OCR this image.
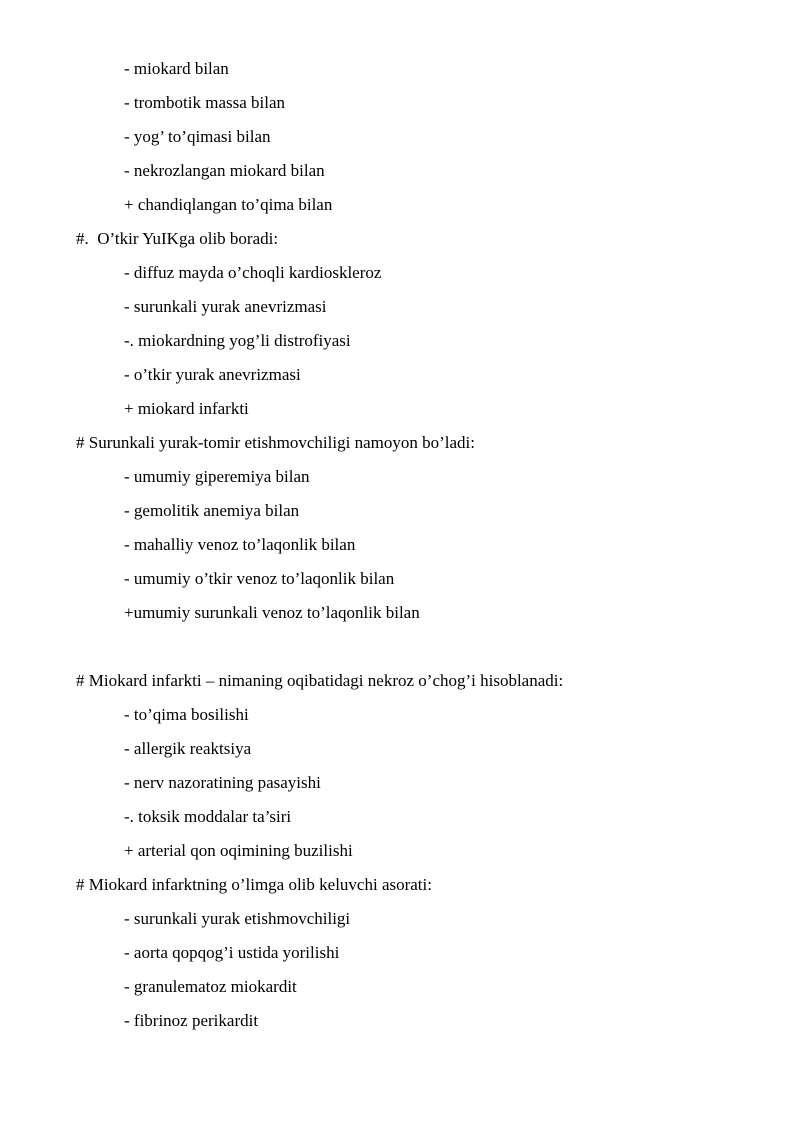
- miokard bilan
- trombotik massa bilan
- yog’ to’qimasi bilan
- nekrozlangan miokard bilan
+ chandiqlangan to’qima bilan
#.  O’tkir YuIKga olib boradi:
- diffuz mayda o’choqli kardioskleroz
- surunkali yurak anevrizmasi
-. miokardning yog’li distrofiyasi
- o’tkir yurak anevrizmasi
+ miokard infarkti
# Surunkali yurak-tomir etishmovchiligi namoyon bo’ladi:
- umumiy giperemiya bilan
- gemolitik anemiya bilan
- mahalliy venoz to’laqonlik bilan
- umumiy o’tkir venoz to’laqonlik bilan
+umumiy surunkali venoz to’laqonlik bilan
# Miokard infarkti – nimaning oqibatidagi nekroz o’chog’i hisoblanadi:
- to’qima bosilishi
- allergik reaktsiya
- nerv nazoratining pasayishi
-. toksik moddalar ta’siri
+ arterial qon oqimining buzilishi
# Miokard infarktning o’limga olib keluvchi asorati:
- surunkali yurak etishmovchiligi
- aorta qopqog’i ustida yorilishi
- granulematoz miokardit
- fibrinoz perikardit
